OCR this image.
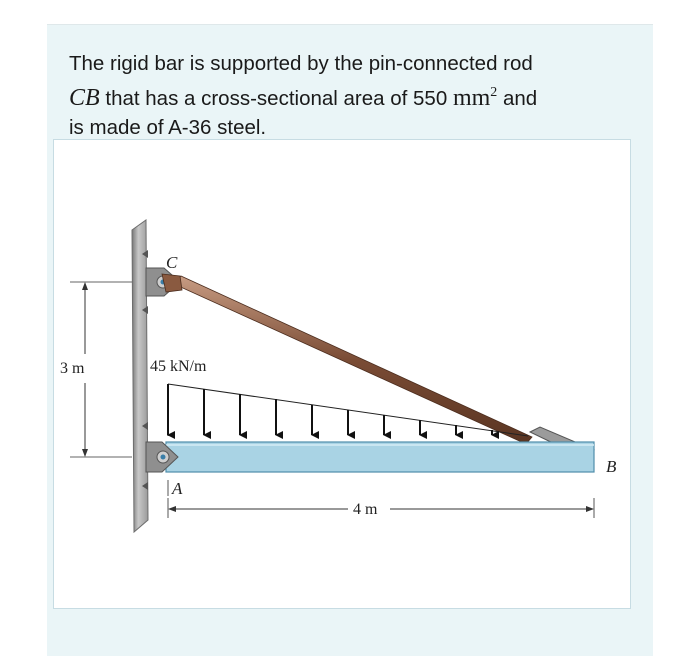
The rigid bar is supported by the pin-connected rod
CB that has a cross-sectional area of 550 $mm^2$ and
is made of A-36 steel.
3 m	45 kN/m
C
A
B
4 m
